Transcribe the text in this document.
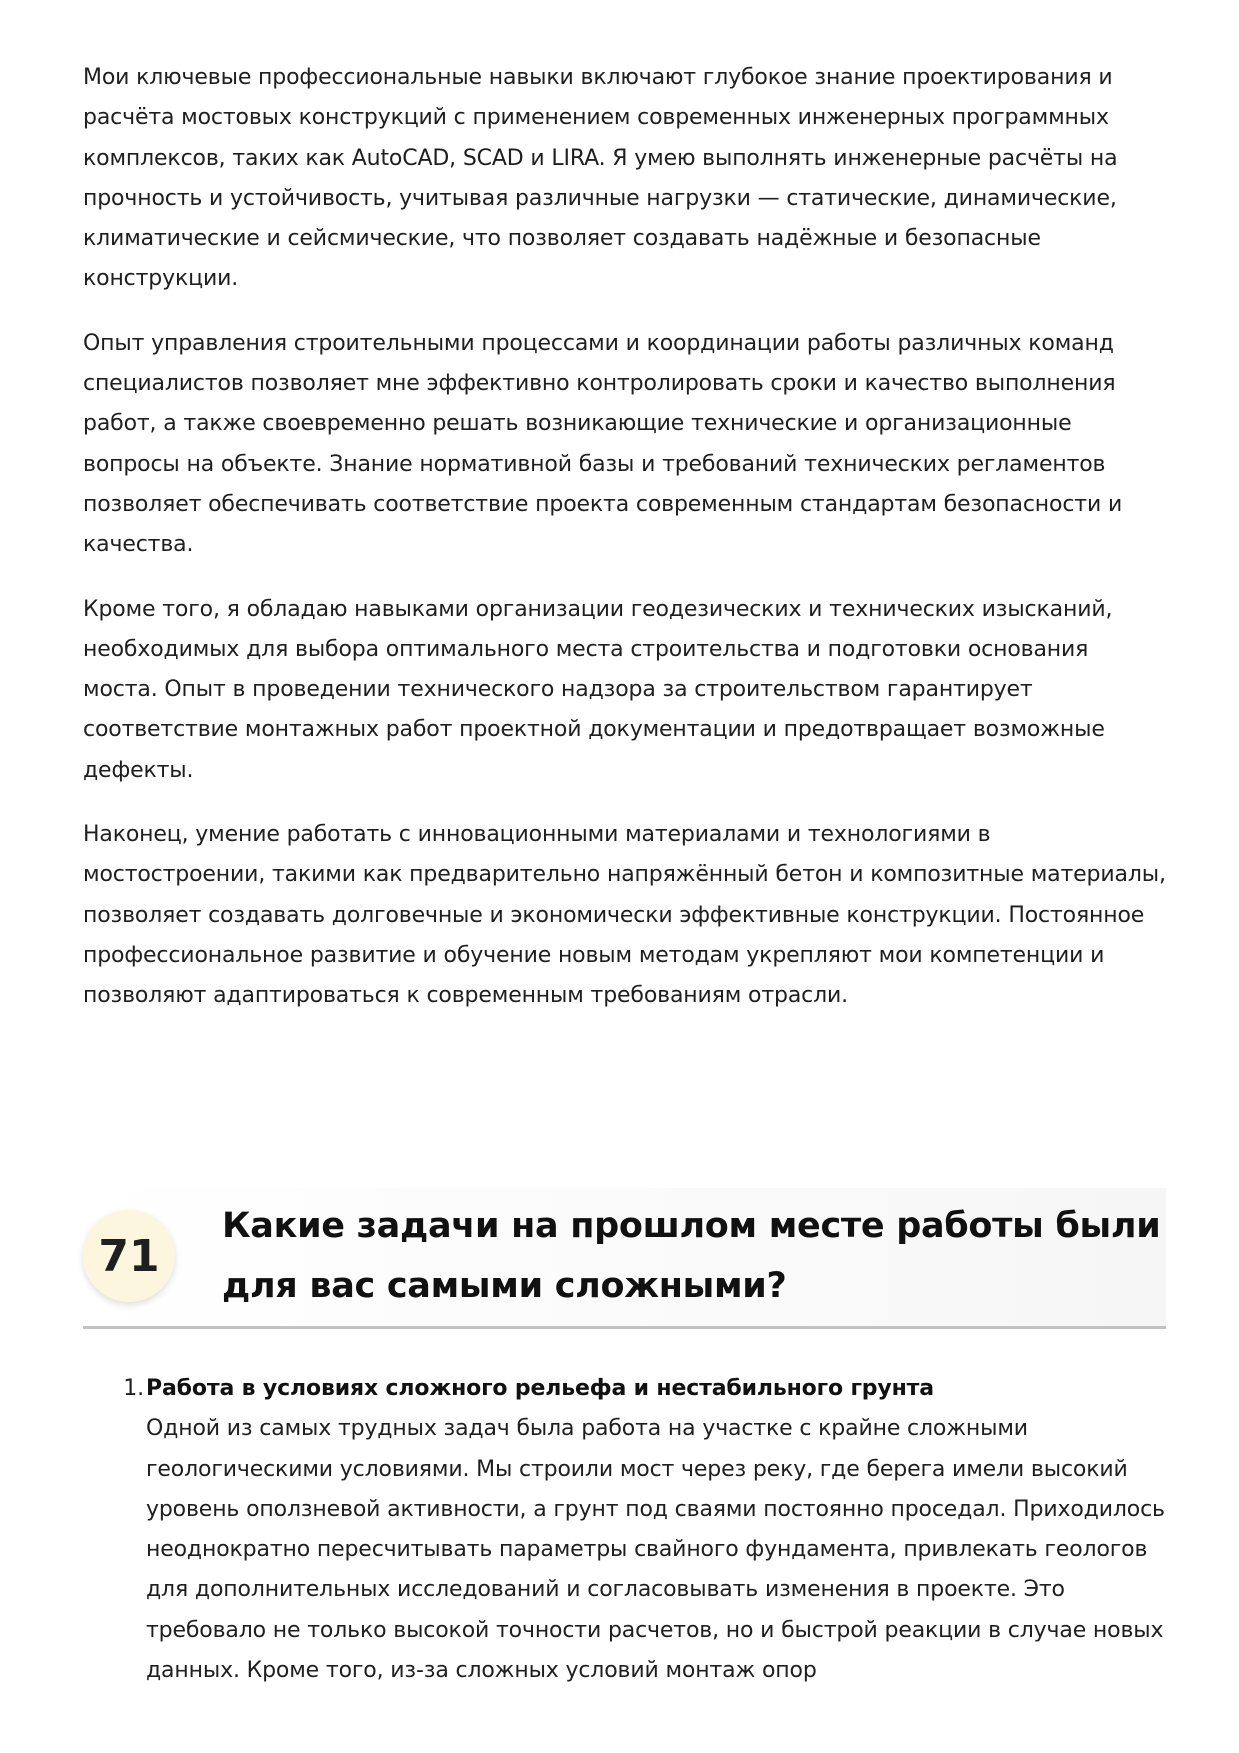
Мои ключевые профессиональные навыки включают глубокое знание проектирования и расчёта мостовых конструкций с применением современных инженерных программных комплексов, таких как AutoCAD, SCAD и LIRA. Я умею выполнять инженерные расчёты на прочность и устойчивость, учитывая различные нагрузки — статические, динамические, климатические и сейсмические, что позволяет создавать надёжные и безопасные конструкции.

Опыт управления строительными процессами и координации работы различных команд специалистов позволяет мне эффективно контролировать сроки и качество выполнения работ, а также своевременно решать возникающие технические и организационные вопросы на объекте. Знание нормативной базы и требований технических регламентов позволяет обеспечивать соответствие проекта современным стандартам безопасности и качества.

Кроме того, я обладаю навыками организации геодезических и технических изысканий, необходимых для выбора оптимального места строительства и подготовки основания моста. Опыт в проведении технического надзора за строительством гарантирует соответствие монтажных работ проектной документации и предотвращает возможные дефекты.

Наконец, умение работать с инновационными материалами и технологиями в мостостроении, такими как предварительно напряжённый бетон и композитные материалы, позволяет создавать долговечные и экономически эффективные конструкции. Постоянное профессиональное развитие и обучение новым методам укрепляют мои компетенции и позволяют адаптироваться к современным требованиям отрасли.

71
Какие задачи на прошлом месте работы были для вас самыми сложными?
1. Работа в условиях сложного рельефа и нестабильного грунта
Одной из самых трудных задач была работа на участке с крайне сложными геологическими условиями. Мы строили мост через реку, где берега имели высокий уровень оползневой активности, а грунт под сваями постоянно проседал. Приходилось неоднократно пересчитывать параметры свайного фундамента, привлекать геологов для дополнительных исследований и согласовывать изменения в проекте. Это требовало не только высокой точности расчетов, но и быстрой реакции в случае новых данных. Кроме того, из-за сложных условий монтаж опор
